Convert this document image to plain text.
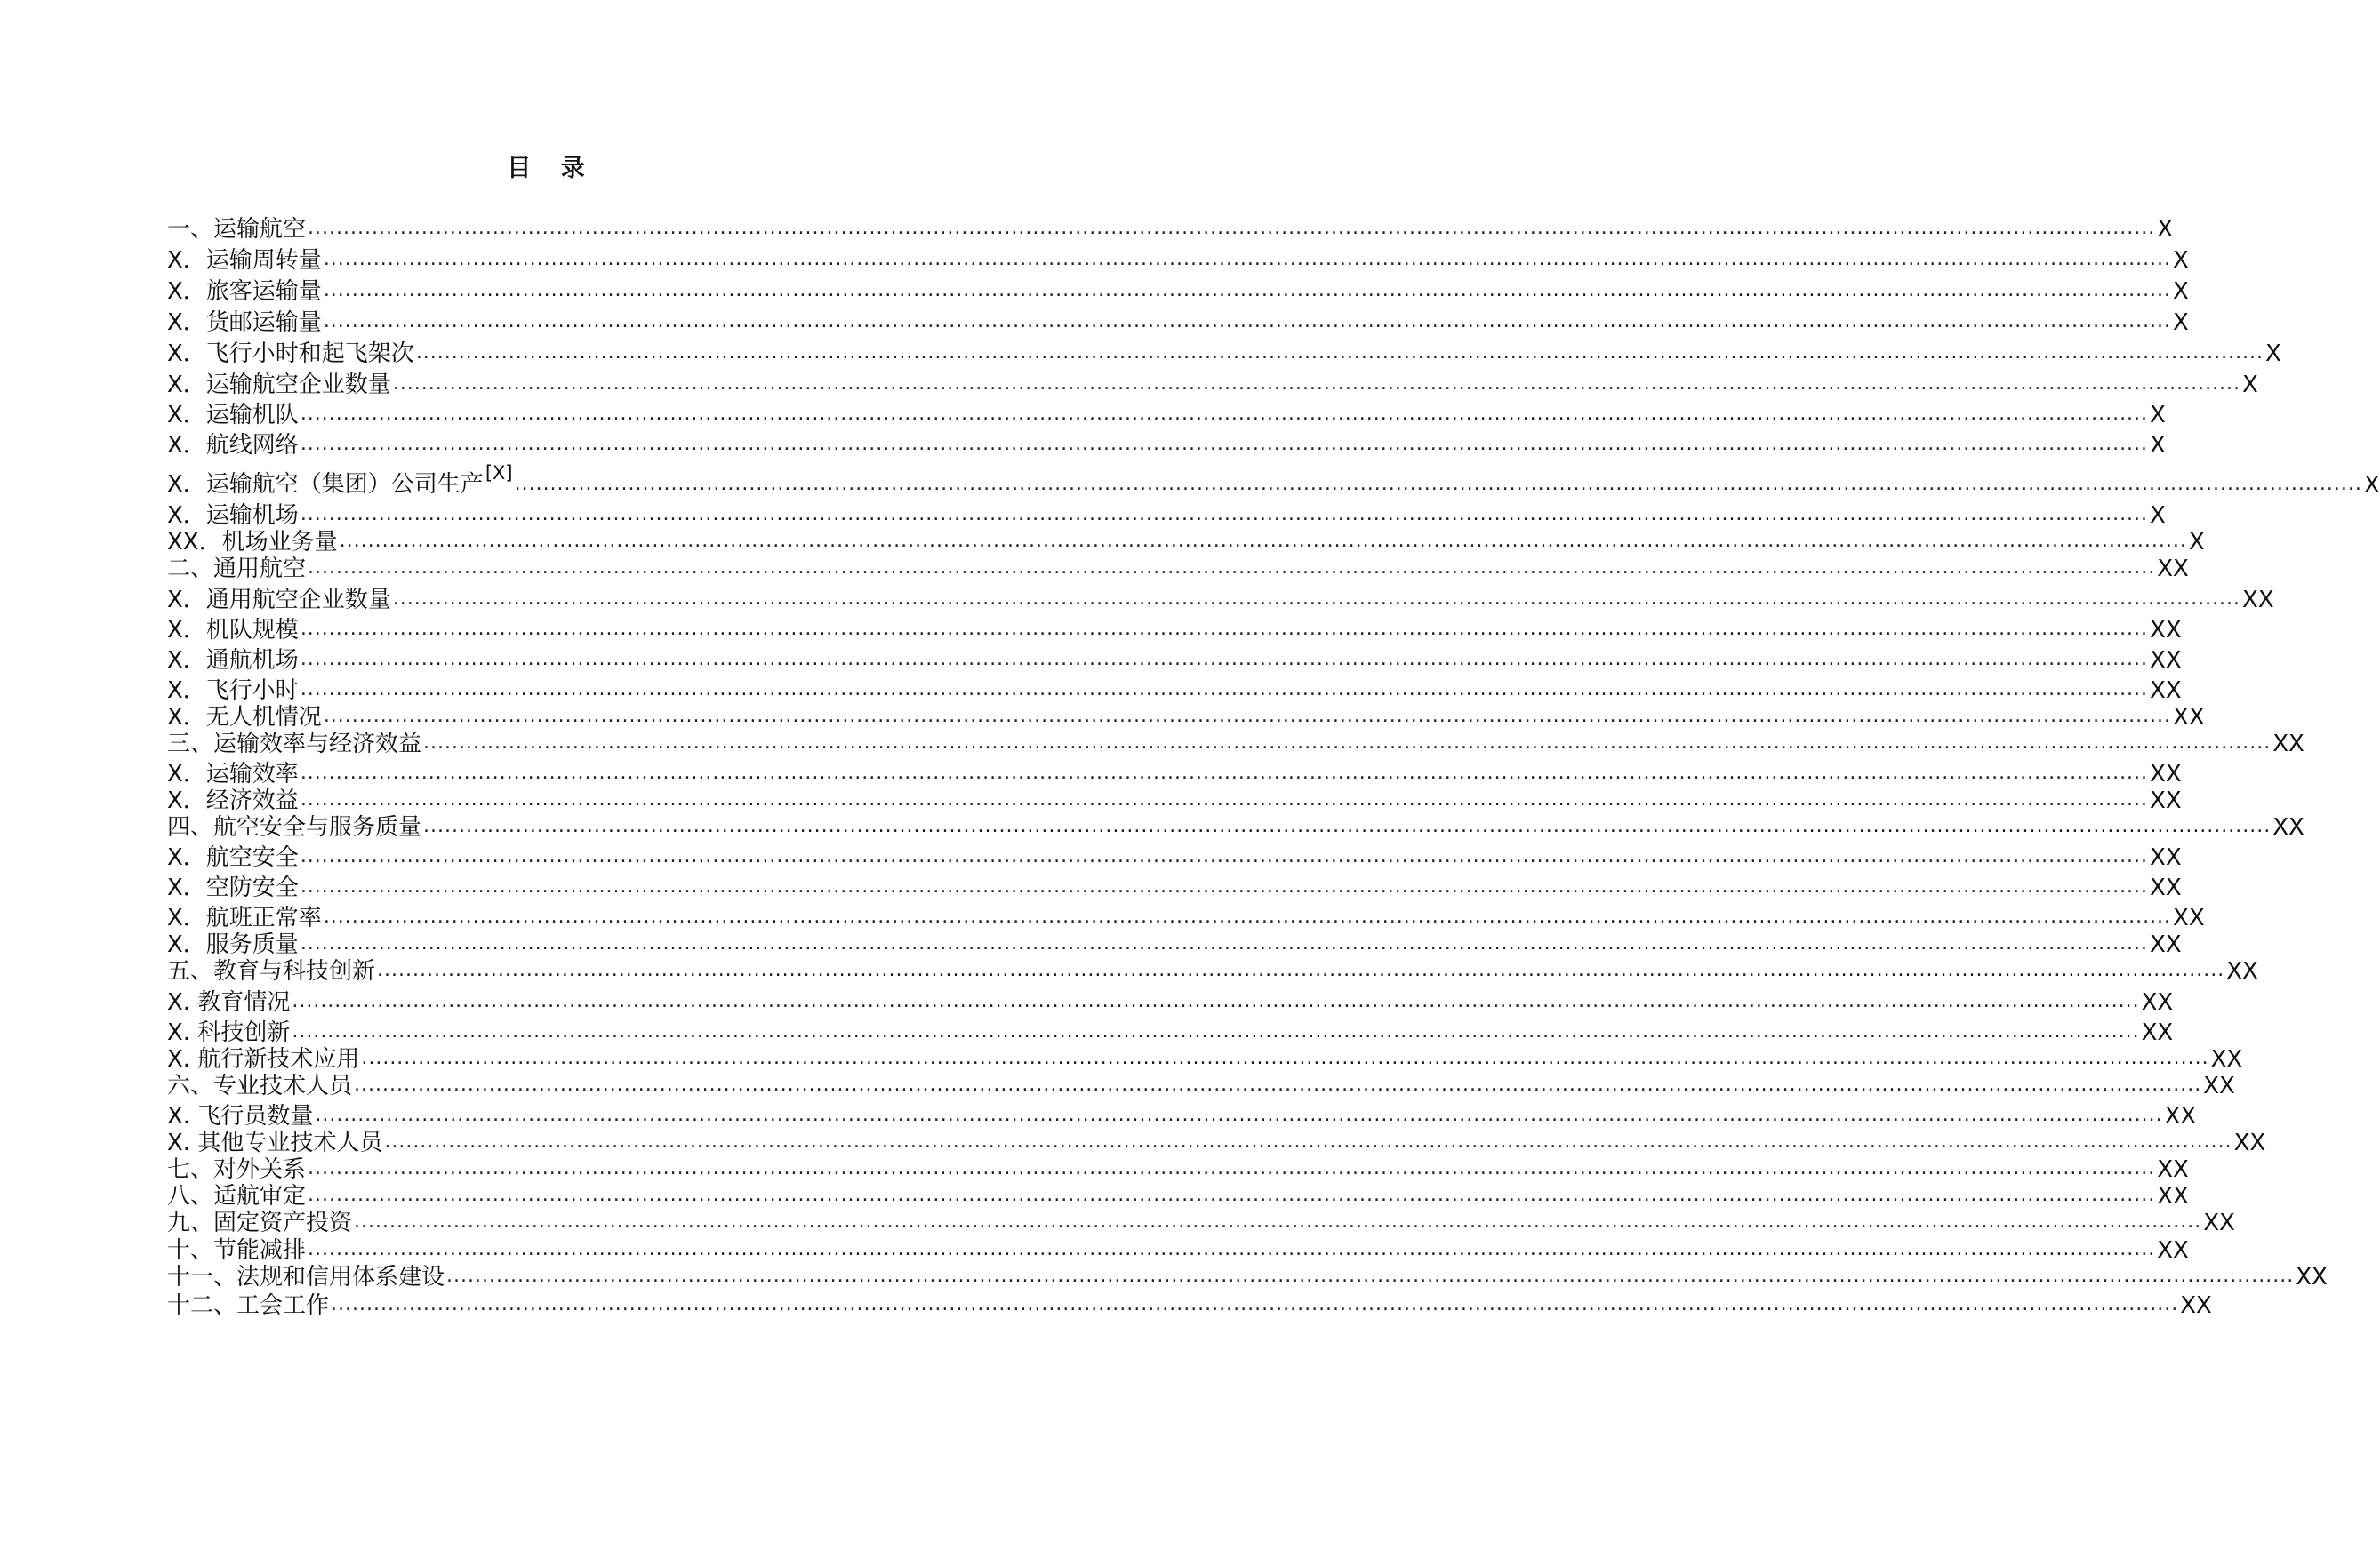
目 录
一、运输航空 .................................................................................................................................................................................................................................................................... X
X．运输周转量 .................................................................................................................................................................................................................................................................... X
X．旅客运输量 .................................................................................................................................................................................................................................................................... X
X．货邮运输量 .................................................................................................................................................................................................................................................................... X
X．飞行小时和起飞架次 .................................................................................................................................................................................................................................................................... X
X．运输航空企业数量 .................................................................................................................................................................................................................................................................... X
X．运输机队 .................................................................................................................................................................................................................................................................... X
X．航线网络 .................................................................................................................................................................................................................................................................... X
X．运输航空（集团）公司生产[X] .................................................................................................................................................................................................................................................................... X
X．运输机场 .................................................................................................................................................................................................................................................................... X
XX．机场业务量 .................................................................................................................................................................................................................................................................... X
二、通用航空 .................................................................................................................................................................................................................................................................... XX
X．通用航空企业数量 .................................................................................................................................................................................................................................................................... XX
X．机队规模 .................................................................................................................................................................................................................................................................... XX
X．通航机场 .................................................................................................................................................................................................................................................................... XX
X．飞行小时 .................................................................................................................................................................................................................................................................... XX
X．无人机情况 .................................................................................................................................................................................................................................................................... XX
三、运输效率与经济效益 .................................................................................................................................................................................................................................................................... XX
X．运输效率 .................................................................................................................................................................................................................................................................... XX
X．经济效益 .................................................................................................................................................................................................................................................................... XX
四、航空安全与服务质量 .................................................................................................................................................................................................................................................................... XX
X．航空安全 .................................................................................................................................................................................................................................................................... XX
X．空防安全 .................................................................................................................................................................................................................................................................... XX
X．航班正常率 .................................................................................................................................................................................................................................................................... XX
X．服务质量 .................................................................................................................................................................................................................................................................... XX
五、教育与科技创新 .................................................................................................................................................................................................................................................................... XX
X. 教育情况 .................................................................................................................................................................................................................................................................... XX
X. 科技创新 .................................................................................................................................................................................................................................................................... XX
X. 航行新技术应用 .................................................................................................................................................................................................................................................................... XX
六、专业技术人员 .................................................................................................................................................................................................................................................................... XX
X. 飞行员数量 .................................................................................................................................................................................................................................................................... XX
X. 其他专业技术人员 .................................................................................................................................................................................................................................................................... XX
七、对外关系 .................................................................................................................................................................................................................................................................... XX
八、适航审定 .................................................................................................................................................................................................................................................................... XX
九、固定资产投资 .................................................................................................................................................................................................................................................................... XX
十、节能减排 .................................................................................................................................................................................................................................................................... XX
十一、法规和信用体系建设 .................................................................................................................................................................................................................................................................... XX
十二、工会工作 .................................................................................................................................................................................................................................................................... XX
